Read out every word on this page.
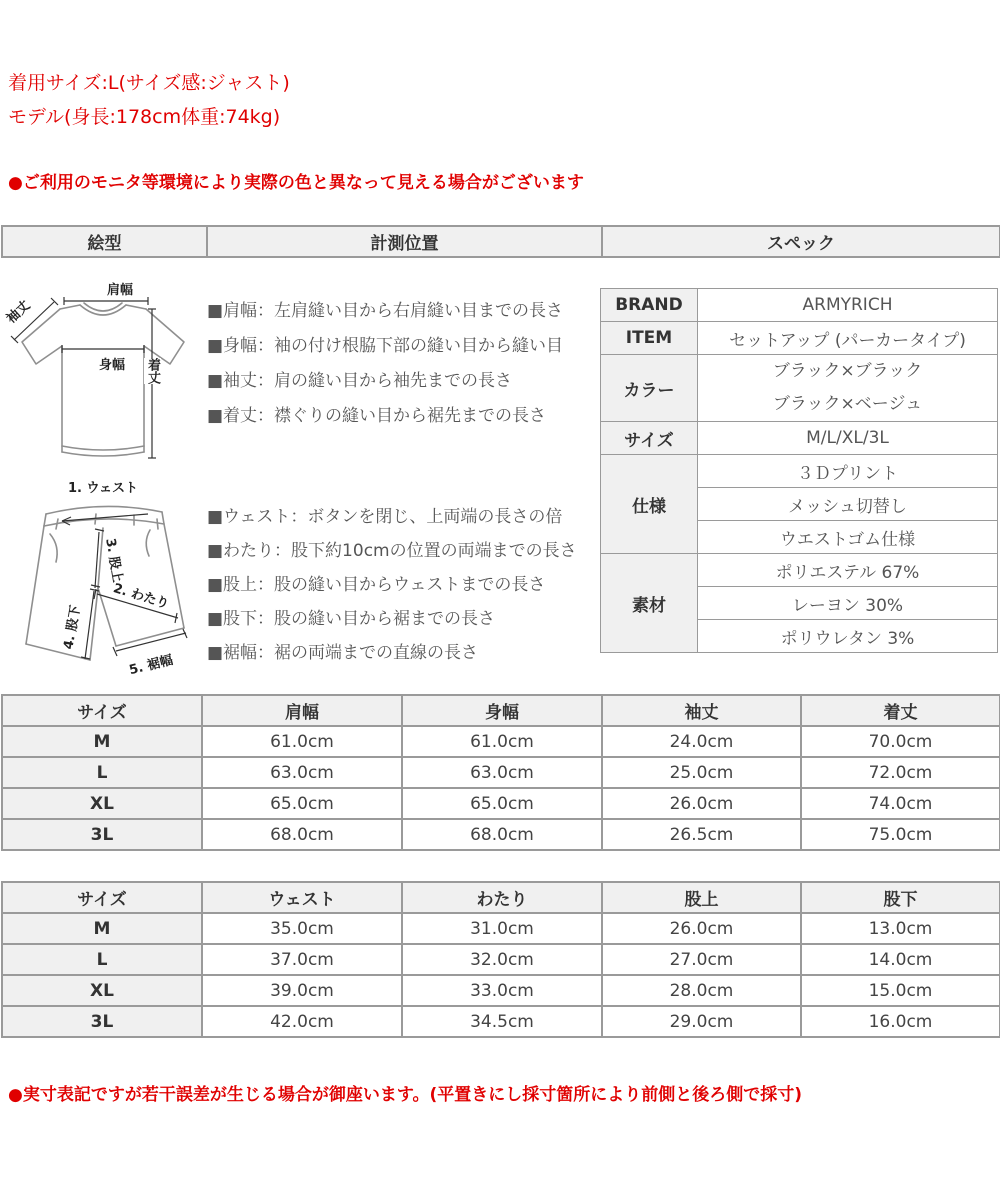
着用サイズ:L(サイズ感:ジャスト)
モデル(身長:178cm体重:74kg)
●ご利用のモニタ等環境により実際の色と異なって見える場合がございます
絵型	計測位置	スペック
肩幅
袖丈
身幅 着丈
■肩幅：左肩縫い目から右肩縫い目までの長さ
■身幅：袖の付け根脇下部の縫い目から縫い目
■袖丈：肩の縫い目から袖先までの長さ
■着丈：襟ぐりの縫い目から裾先までの長さ
BRAND	ARMYRICH
ITEM	セットアップ (パーカータイプ)
カラー	ブラック×ブラック
ブラック×ベージュ

サイズ	M/L/XL/3L
仕様	３Ｄプリント
	メッシュ切替し
	ウエストゴム仕様
素材	ポリエステル 67%
	レーヨン 30%
	ポリウレタン 3%
1. ウェスト
3. 股上
2. わたり
4. 股下
5. 裾幅
■ウェスト：ボタンを閉じ、上両端の長さの倍
■わたり：股下約10cmの位置の両端までの長さ
■股上：股の縫い目からウェストまでの長さ
■股下：股の縫い目から裾までの長さ
■裾幅：裾の両端までの直線の長さ
サイズ	肩幅	身幅	袖丈	着丈
M	61.0cm	61.0cm	24.0cm	70.0cm
L	63.0cm	63.0cm	25.0cm	72.0cm
XL	65.0cm	65.0cm	26.0cm	74.0cm
3L	68.0cm	68.0cm	26.5cm	75.0cm
サイズ	ウェスト	わたり	股上	股下
M	35.0cm	31.0cm	26.0cm	13.0cm
L	37.0cm	32.0cm	27.0cm	14.0cm
XL	39.0cm	33.0cm	28.0cm	15.0cm
3L	42.0cm	34.5cm	29.0cm	16.0cm
●実寸表記ですが若干誤差が生じる場合が御座います。(平置きにし採寸箇所により前側と後ろ側で採寸)
